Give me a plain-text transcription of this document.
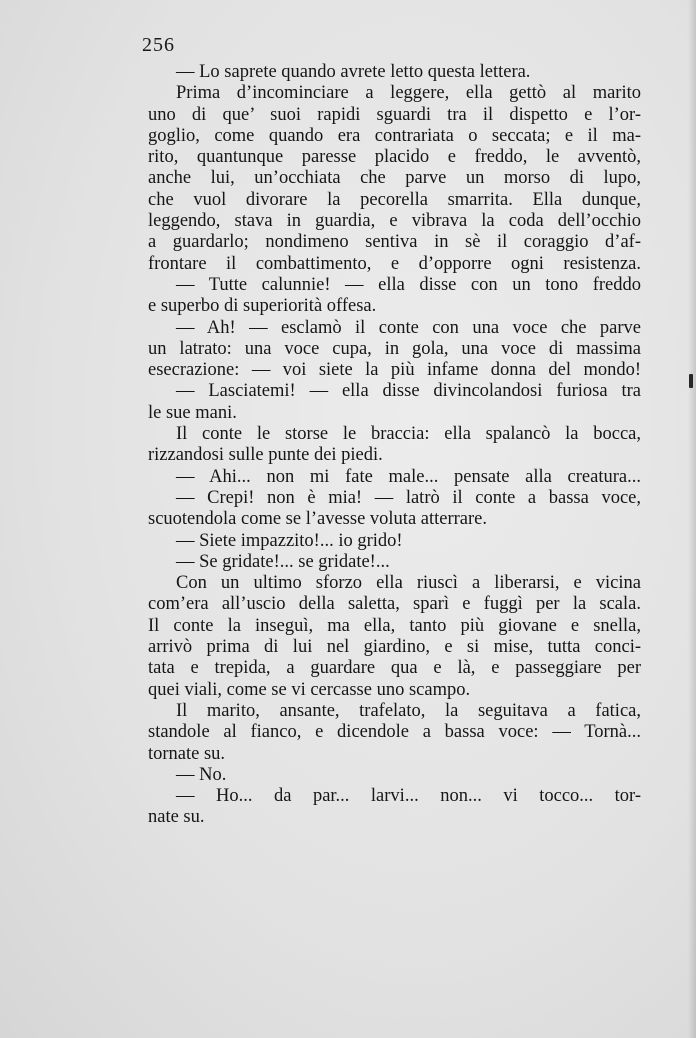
256
— Lo saprete quando avrete letto questa lettera.
Prima d’incominciare a leggere, ella gettò al marito
uno di que’ suoi rapidi sguardi tra il dispetto e l’or-
goglio, come quando era contrariata o seccata; e il ma-
rito, quantunque paresse placido e freddo, le avventò,
anche lui, un’occhiata che parve un morso di lupo,
che vuol divorare la pecorella smarrita. Ella dunque,
leggendo, stava in guardia, e vibrava la coda dell’occhio
a guardarlo; nondimeno sentiva in sè il coraggio d’af-
frontare il combattimento, e d’opporre ogni resistenza.
— Tutte calunnie! — ella disse con un tono freddo
e superbo di superiorità offesa.
— Ah! — esclamò il conte con una voce che parve
un latrato: una voce cupa, in gola, una voce di massima
esecrazione: — voi siete la più infame donna del mondo!
— Lasciatemi! — ella disse divincolandosi furiosa tra
le sue mani.
Il conte le storse le braccia: ella spalancò la bocca,
rizzandosi sulle punte dei piedi.
— Ahi... non mi fate male... pensate alla creatura...
— Crepi! non è mia! — latrò il conte a bassa voce,
scuotendola come se l’avesse voluta atterrare.
— Siete impazzito!... io grido!
— Se gridate!... se gridate!...
Con un ultimo sforzo ella riuscì a liberarsi, e vicina
com’era all’uscio della saletta, sparì e fuggì per la scala.
Il conte la inseguì, ma ella, tanto più giovane e snella,
arrivò prima di lui nel giardino, e si mise, tutta conci-
tata e trepida, a guardare qua e là, e passeggiare per
quei viali, come se vi cercasse uno scampo.
Il marito, ansante, trafelato, la seguitava a fatica,
standole al fianco, e dicendole a bassa voce: — Tornà...
tornate su.
— No.
— Ho... da par... larvi... non... vi tocco... tor-
nate su.
